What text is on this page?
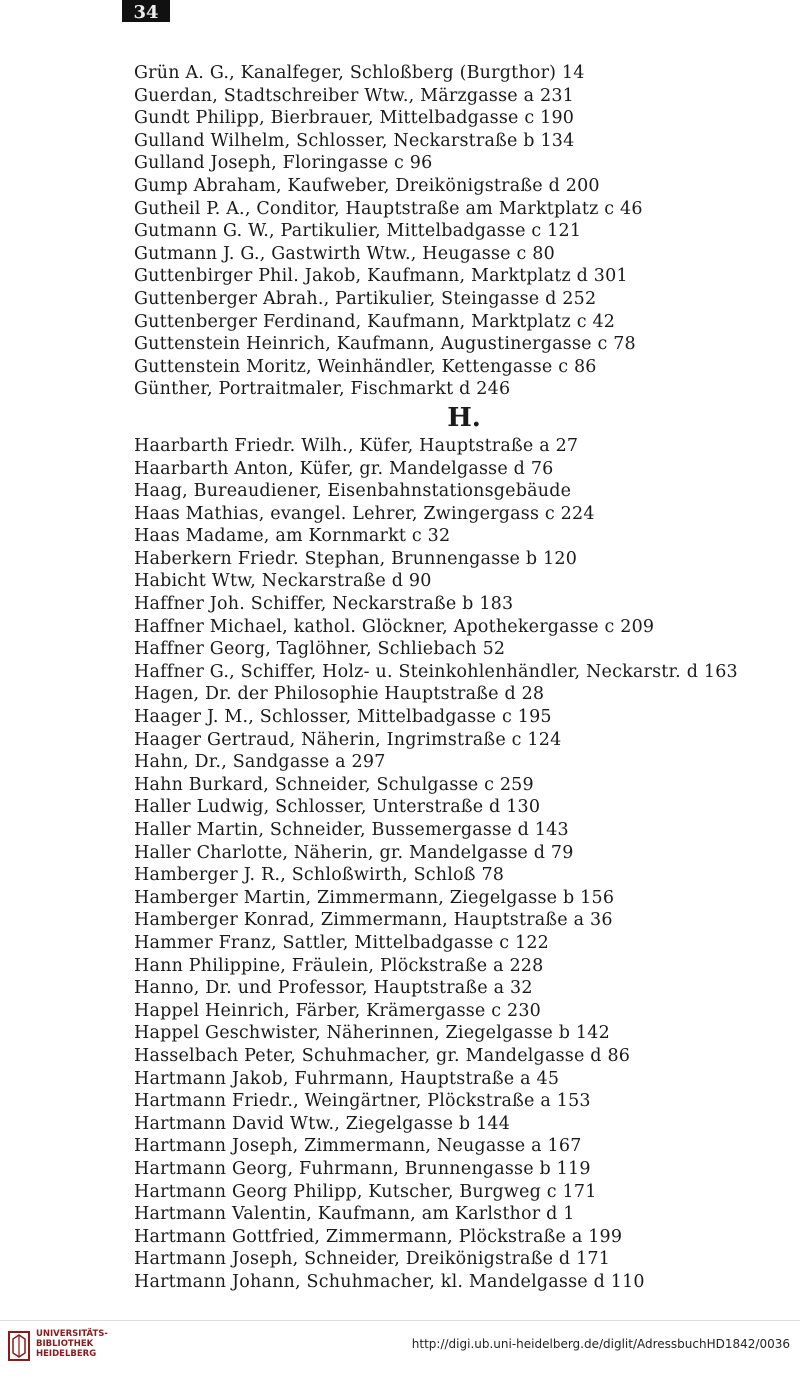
34
Grün A. G., Kanalfeger, Schloßberg (Burgthor) 14
Guerdan, Stadtschreiber Wtw., Märzgasse a 231
Gundt Philipp, Bierbrauer, Mittelbadgasse c 190
Gulland Wilhelm, Schlosser, Neckarstraße b 134
Gulland Joseph, Floringasse c 96
Gump Abraham, Kaufweber, Dreikönigstraße d 200
Gutheil P. A., Conditor, Hauptstraße am Marktplatz c 46
Gutmann G. W., Partikulier, Mittelbadgasse c 121
Gutmann J. G., Gastwirth Wtw., Heugasse c 80
Guttenbirger Phil. Jakob, Kaufmann, Marktplatz d 301
Guttenberger Abrah., Partikulier, Steingasse d 252
Guttenberger Ferdinand, Kaufmann, Marktplatz c 42
Guttenstein Heinrich, Kaufmann, Augustinergasse c 78
Guttenstein Moritz, Weinhändler, Kettengasse c 86
Günther, Portraitmaler, Fischmarkt d 246
H.
Haarbarth Friedr. Wilh., Küfer, Hauptstraße a 27
Haarbarth Anton, Küfer, gr. Mandelgasse d 76
Haag, Bureaudiener, Eisenbahnstationsgebäude
Haas Mathias, evangel. Lehrer, Zwingergass c 224
Haas Madame, am Kornmarkt c 32
Haberkern Friedr. Stephan, Brunnengasse b 120
Habicht Wtw, Neckarstraße d 90
Haffner Joh. Schiffer, Neckarstraße b 183
Haffner Michael, kathol. Glöckner, Apothekergasse c 209
Haffner Georg, Taglöhner, Schliebach 52
Haffner G., Schiffer, Holz- u. Steinkohlenhändler, Neckarstr. d 163
Hagen, Dr. der Philosophie Hauptstraße d 28
Haager J. M., Schlosser, Mittelbadgasse c 195
Haager Gertraud, Näherin, Ingrimstraße c 124
Hahn, Dr., Sandgasse a 297
Hahn Burkard, Schneider, Schulgasse c 259
Haller Ludwig, Schlosser, Unterstraße d 130
Haller Martin, Schneider, Bussemergasse d 143
Haller Charlotte, Näherin, gr. Mandelgasse d 79
Hamberger J. R., Schloßwirth, Schloß 78
Hamberger Martin, Zimmermann, Ziegelgasse b 156
Hamberger Konrad, Zimmermann, Hauptstraße a 36
Hammer Franz, Sattler, Mittelbadgasse c 122
Hann Philippine, Fräulein, Plöckstraße a 228
Hanno, Dr. und Professor, Hauptstraße a 32
Happel Heinrich, Färber, Krämergasse c 230
Happel Geschwister, Näherinnen, Ziegelgasse b 142
Hasselbach Peter, Schuhmacher, gr. Mandelgasse d 86
Hartmann Jakob, Fuhrmann, Hauptstraße a 45
Hartmann Friedr., Weingärtner, Plöckstraße a 153
Hartmann David Wtw., Ziegelgasse b 144
Hartmann Joseph, Zimmermann, Neugasse a 167
Hartmann Georg, Fuhrmann, Brunnengasse b 119
Hartmann Georg Philipp, Kutscher, Burgweg c 171
Hartmann Valentin, Kaufmann, am Karlsthor d 1
Hartmann Gottfried, Zimmermann, Plöckstraße a 199
Hartmann Joseph, Schneider, Dreikönigstraße d 171
Hartmann Johann, Schuhmacher, kl. Mandelgasse d 110
UNIVERSITÄTS-
BIBLIOTHEK
HEIDELBERG
http://digi.ub.uni-heidelberg.de/diglit/AdressbuchHD1842/0036
